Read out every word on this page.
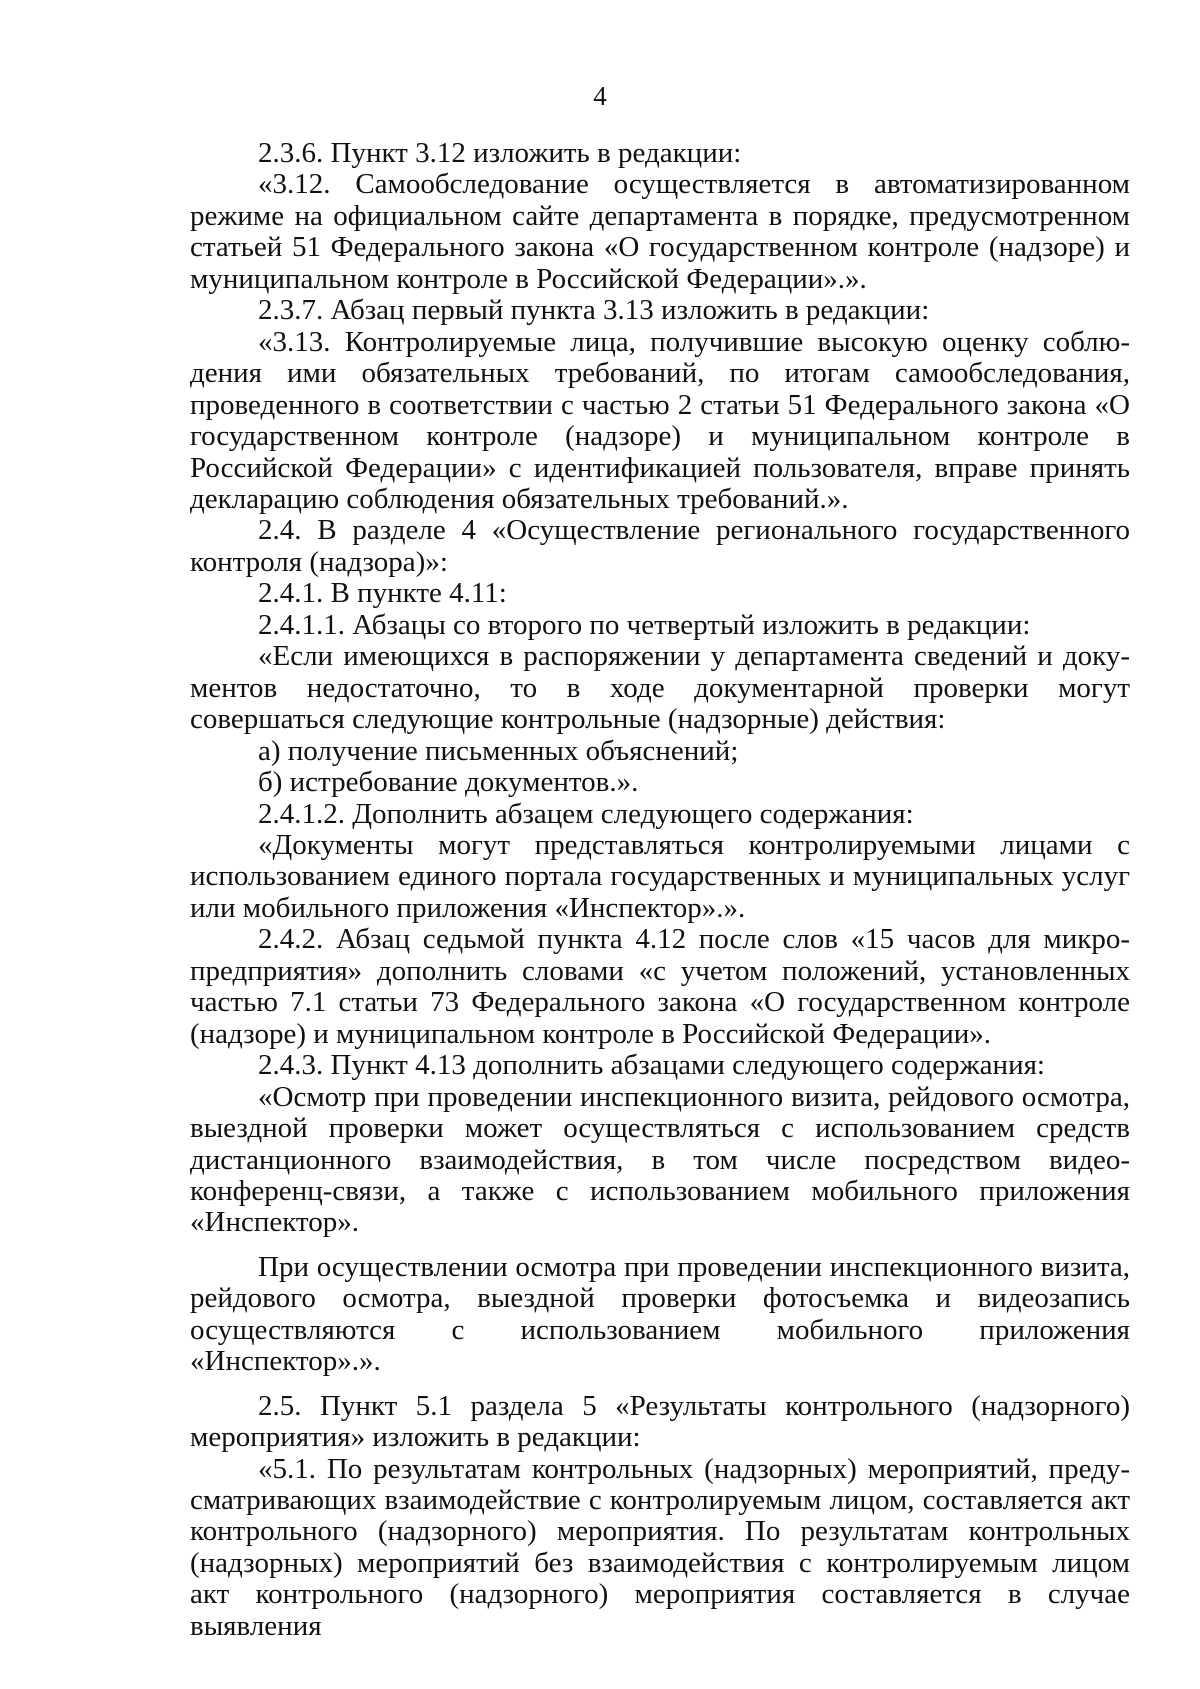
4

2.3.6. Пункт 3.12 изложить в редакции:

«3.12. Самообследование осуществляется в автоматизированном режиме на официальном сайте департамента в порядке, предусмотренном статьей 51 Федерального закона «О государственном контроле (надзоре) и муниципальном контроле в Российской Федерации».».

2.3.7. Абзац первый пункта 3.13 изложить в редакции:

«3.13. Контролируемые лица, получившие высокую оценку соблюдения ими обязательных требований, по итогам самообследования, проведенного в соответствии с частью 2 статьи 51 Федерального закона «О государственном контроле (надзоре) и муниципальном контроле в Российской Федерации» с идентификацией пользователя, вправе принять декларацию соблюдения обязательных требований.».

2.4. В разделе 4 «Осуществление регионального государственного контроля (надзора)»:

2.4.1. В пункте 4.11:

2.4.1.1. Абзацы со второго по четвертый изложить в редакции:

«Если имеющихся в распоряжении у департамента сведений и документов недостаточно, то в ходе документарной проверки могут совершаться следующие контрольные (надзорные) действия:

а) получение письменных объяснений;

б) истребование документов.».

2.4.1.2. Дополнить абзацем следующего содержания:

«Документы могут представляться контролируемыми лицами с использованием единого портала государственных и муниципальных услуг или мобильного приложения «Инспектор».».

2.4.2. Абзац седьмой пункта 4.12 после слов «15 часов для микропредприятия» дополнить словами «с учетом положений, установленных частью 7.1 статьи 73 Федерального закона «О государственном контроле (надзоре) и муниципальном контроле в Российской Федерации».

2.4.3. Пункт 4.13 дополнить абзацами следующего содержания:

«Осмотр при проведении инспекционного визита, рейдового осмотра, выездной проверки может осуществляться с использованием средств дистанционного взаимодействия, в том числе посредством видео-конференц-связи, а также с использованием мобильного приложения «Инспектор».

При осуществлении осмотра при проведении инспекционного визита, рейдового осмотра, выездной проверки фотосъемка и видеозапись осуществляются с использованием мобильного приложения «Инспектор».».

2.5. Пункт 5.1 раздела 5 «Результаты контрольного (надзорного) мероприятия» изложить в редакции:

«5.1. По результатам контрольных (надзорных) мероприятий, предусматривающих взаимодействие с контролируемым лицом, составляется акт контрольного (надзорного) мероприятия. По результатам контрольных (надзорных) мероприятий без взаимодействия с контролируемым лицом акт контрольного (надзорного) мероприятия составляется в случае выявления
